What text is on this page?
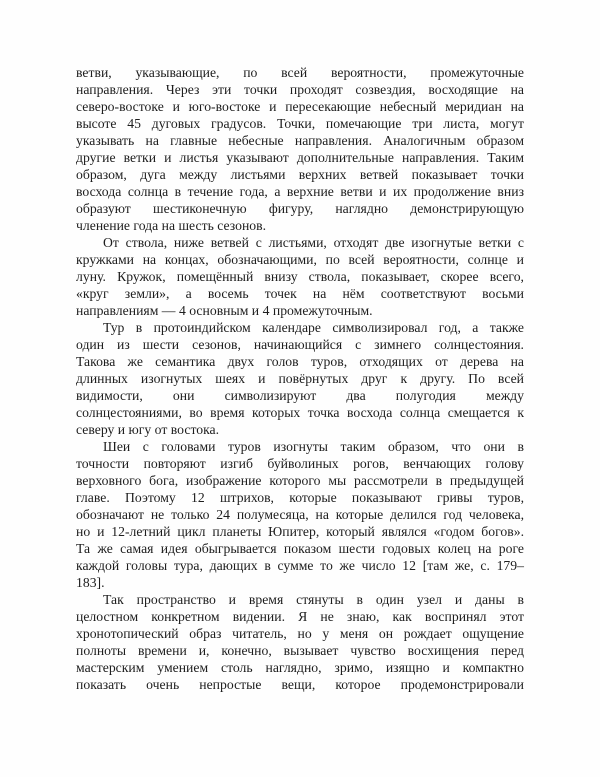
ветви, указывающие, по всей вероятности, промежуточные
направления. Через эти точки проходят созвездия, восходящие на
северо-востоке и юго-востоке и пересекающие небесный меридиан на
высоте 45 дуговых градусов. Точки, помечающие три листа, могут
указывать на главные небесные направления. Аналогичным образом
другие ветки и листья указывают дополнительные направления. Таким
образом, дуга между листьями верхних ветвей показывает точки
восхода солнца в течение года, а верхние ветви и их продолжение вниз
образуют шестиконечную фигуру, наглядно демонстрирующую
членение года на шесть сезонов.
От ствола, ниже ветвей с листьями, отходят две изогнутые ветки с
кружками на концах, обозначающими, по всей вероятности, солнце и
луну. Кружок, помещённый внизу ствола, показывает, скорее всего,
«круг земли», а восемь точек на нём соответствуют восьми
направлениям — 4 основным и 4 промежуточным.
Тур в протоиндийском календаре символизировал год, а также
один из шести сезонов, начинающийся с зимнего солнцестояния.
Такова же семантика двух голов туров, отходящих от дерева на
длинных изогнутых шеях и повёрнутых друг к другу. По всей
видимости, они символизируют два полугодия между
солнцестояниями, во время которых точка восхода солнца смещается к
северу и югу от востока.
Шеи с головами туров изогнуты таким образом, что они в
точности повторяют изгиб буйволиных рогов, венчающих голову
верховного бога, изображение которого мы рассмотрели в предыдущей
главе. Поэтому 12 штрихов, которые показывают гривы туров,
обозначают не только 24 полумесяца, на которые делился год человека,
но и 12-летний цикл планеты Юпитер, который являлся «годом богов».
Та же самая идея обыгрывается показом шести годовых колец на роге
каждой головы тура, дающих в сумме то же число 12 [там же, с. 179–
183].
Так пространство и время стянуты в один узел и даны в
целостном конкретном видении. Я не знаю, как воспринял этот
хронотопический образ читатель, но у меня он рождает ощущение
полноты времени и, конечно, вызывает чувство восхищения перед
мастерским умением столь наглядно, зримо, изящно и компактно
показать очень непростые вещи, которое продемонстрировали
